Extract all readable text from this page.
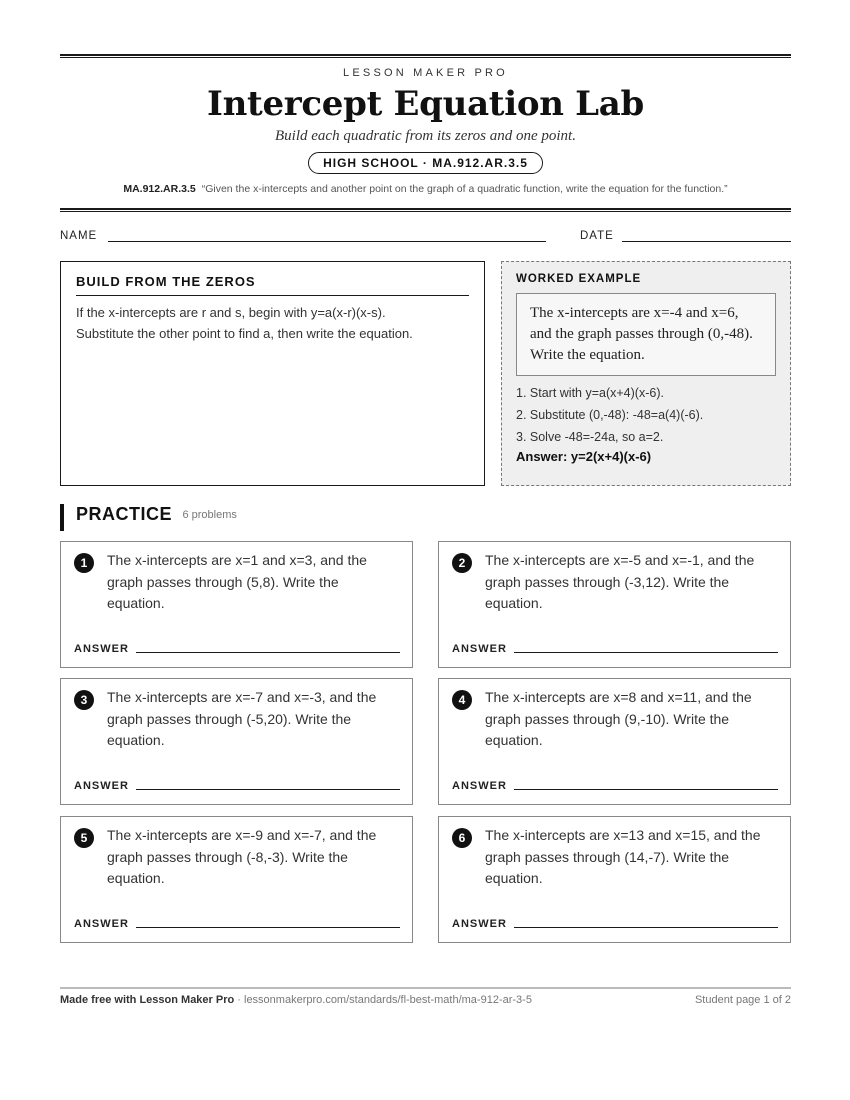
LESSON MAKER PRO
Intercept Equation Lab
Build each quadratic from its zeros and one point.
HIGH SCHOOL · MA.912.AR.3.5
MA.912.AR.3.5 “Given the x-intercepts and another point on the graph of a quadratic function, write the equation for the function.”
NAME	DATE
BUILD FROM THE ZEROS
If the x-intercepts are r and s, begin with y=a(x-r)(x-s).
Substitute the other point to find a, then write the equation.
WORKED EXAMPLE
The x-intercepts are x=-4 and x=6, and the graph passes through (0,-48). Write the equation.
1. Start with y=a(x+4)(x-6).
2. Substitute (0,-48): -48=a(4)(-6).
3. Solve -48=-24a, so a=2.
Answer: y=2(x+4)(x-6)
PRACTICE 6 problems
1	The x-intercepts are x=1 and x=3, and the graph passes through (5,8). Write the equation.
ANSWER
2	The x-intercepts are x=-5 and x=-1, and the graph passes through (-3,12). Write the equation.
ANSWER
3	The x-intercepts are x=-7 and x=-3, and the graph passes through (-5,20). Write the equation.
ANSWER
4	The x-intercepts are x=8 and x=11, and the graph passes through (9,-10). Write the equation.
ANSWER
5	The x-intercepts are x=-9 and x=-7, and the graph passes through (-8,-3). Write the equation.
ANSWER
6	The x-intercepts are x=13 and x=15, and the graph passes through (14,-7). Write the equation.
ANSWER
Made free with Lesson Maker Pro · lessonmakerpro.com/standards/fl-best-math/ma-912-ar-3-5	Student page 1 of 2
